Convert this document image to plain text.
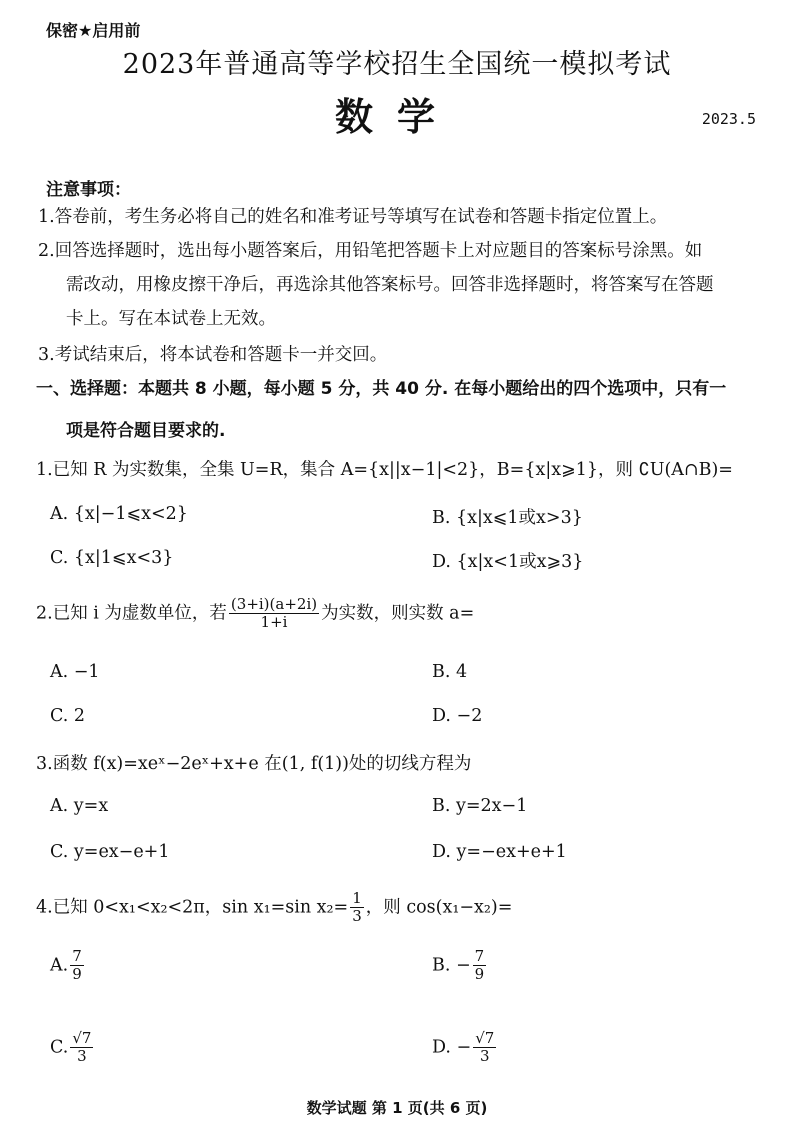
保密★启用前
2023年普通高等学校招生全国统一模拟考试
数学	2023.5
注意事项：
1.答卷前，考生务必将自己的姓名和准考证号等填写在试卷和答题卡指定位置上。
2.回答选择题时，选出每小题答案后，用铅笔把答题卡上对应题目的答案标号涂黑。如
需改动，用橡皮擦干净后，再选涂其他答案标号。回答非选择题时，将答案写在答题
卡上。写在本试卷上无效。
3.考试结束后，将本试卷和答题卡一并交回。
一、选择题：本题共 8 小题，每小题 5 分，共 40 分. 在每小题给出的四个选项中，只有一
项是符合题目要求的.
1.已知 R 为实数集，全集 U=R，集合 A={x||x−1|<2}，B={x|x⩾1}，则 ∁U(A∩B)=
A. {x|−1⩽x<2}	B. {x|x⩽1或x>3}
C. {x|1⩽x<3}	D. {x|x<1或x⩾3}
2.已知 i 为虚数单位，若 $\frac{(3+i)(a+2i)}{1+i}$ 为实数，则实数 a=
A. −1	B. 4
C. 2	D. −2
3.函数 f(x)=xeˣ−2eˣ+x+e 在(1, f(1))处的切线方程为
A. y=x	B. y=2x−1
C. y=ex−e+1	D. y=−ex+e+1
4.已知 0<x₁<x₂<2π，sin x₁=sin $x_2= \frac{1}{3}$ ，则 cos(x₁−x₂)=
A. $\frac{7}{9}$	B. − $\frac{7}{9}$
C. $\frac{√7}{3}$	D. − $\frac{√7}{3}$
数学试题 第 1 页(共 6 页)
